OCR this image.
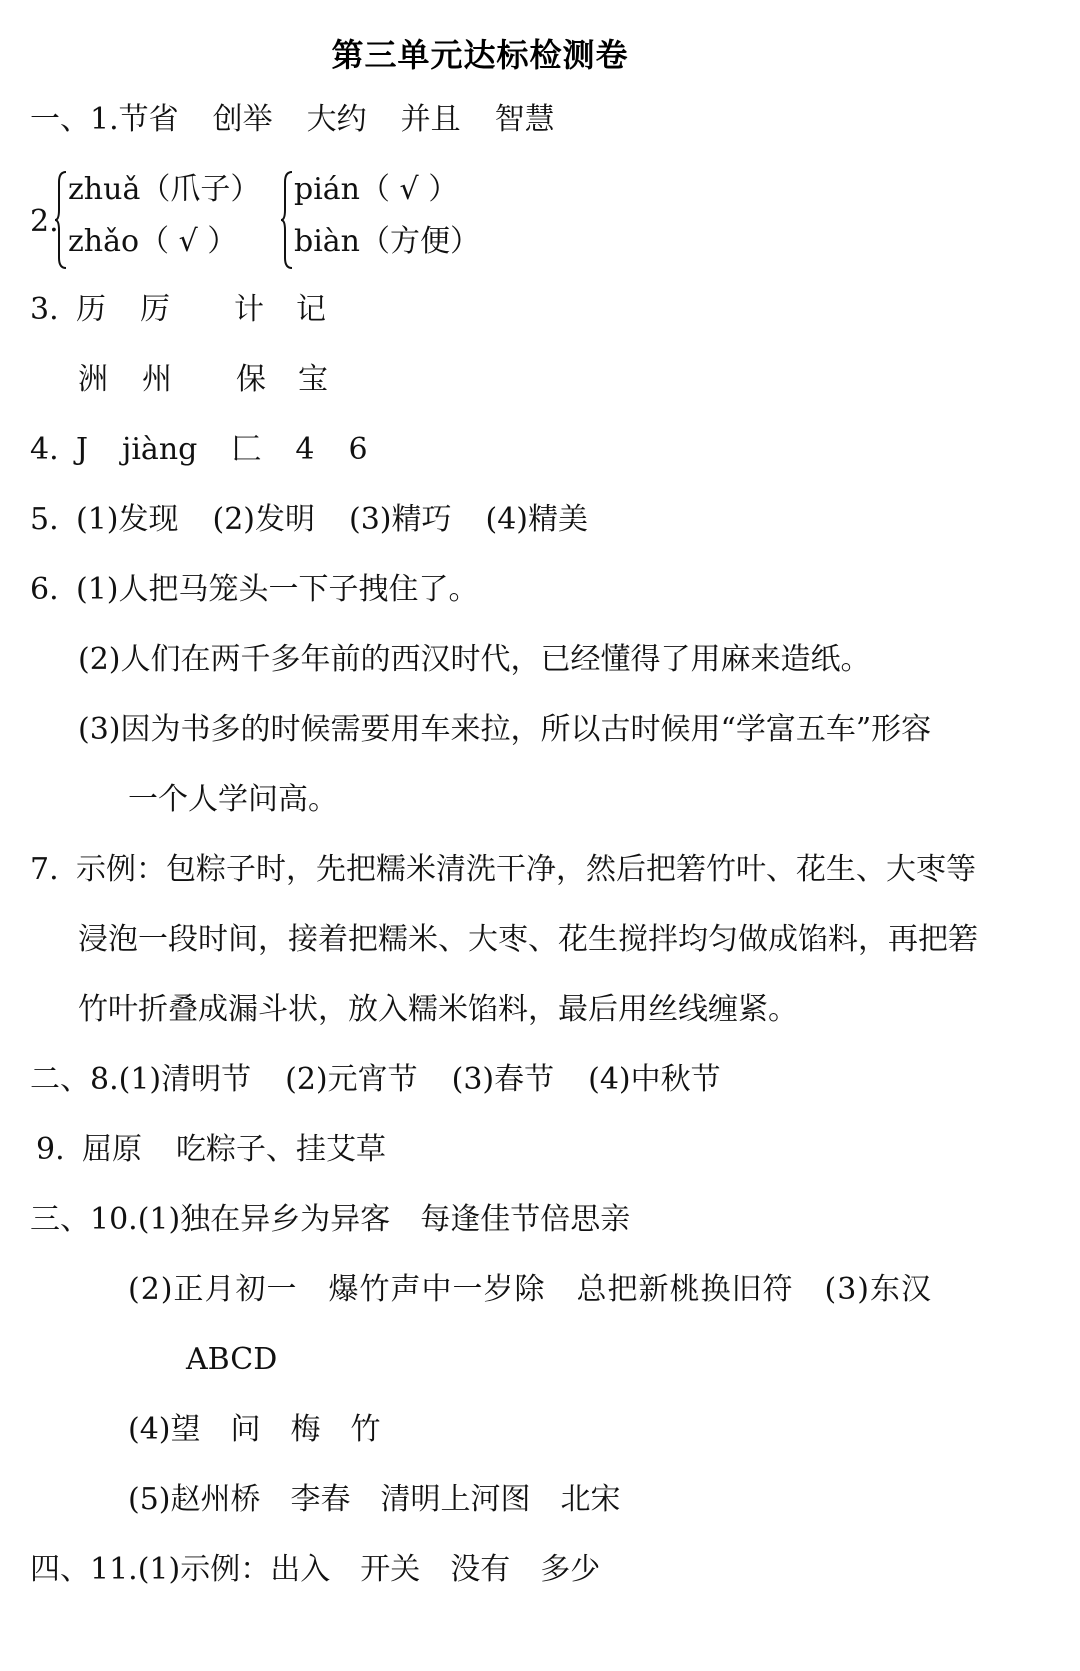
第三单元达标检测卷
一、1.节省 创举 大约 并且 智慧
2.
zhuǎ（爪子）
zhǎo（ √ ）
pián（ √ ）
biàn（方便）
3. 历 厉 计 记
洲 州 保 宝
4. J jiàng 匚 4 6
5. (1)发现 (2)发明 (3)精巧 (4)精美
6. (1)人把马笼头一下子拽住了。
(2)人们在两千多年前的西汉时代，已经懂得了用麻来造纸。
(3)因为书多的时候需要用车来拉，所以古时候用“学富五车”形容
一个人学问高。
7. 示例：包粽子时，先把糯米清洗干净，然后把箬竹叶、花生、大枣等
浸泡一段时间，接着把糯米、大枣、花生搅拌均匀做成馅料，再把箬
竹叶折叠成漏斗状，放入糯米馅料，最后用丝线缠紧。
二、8.(1)清明节 (2)元宵节 (3)春节 (4)中秋节
9. 屈原 吃粽子、挂艾草
三、10.(1)独在异乡为异客　每逢佳节倍思亲
(2)正月初一　爆竹声中一岁除　总把新桃换旧符　(3)东汉
ABCD
(4)望　问　梅　竹
(5)赵州桥　李春　清明上河图　北宋
四、11.(1)示例：出入　开关　没有　多少
